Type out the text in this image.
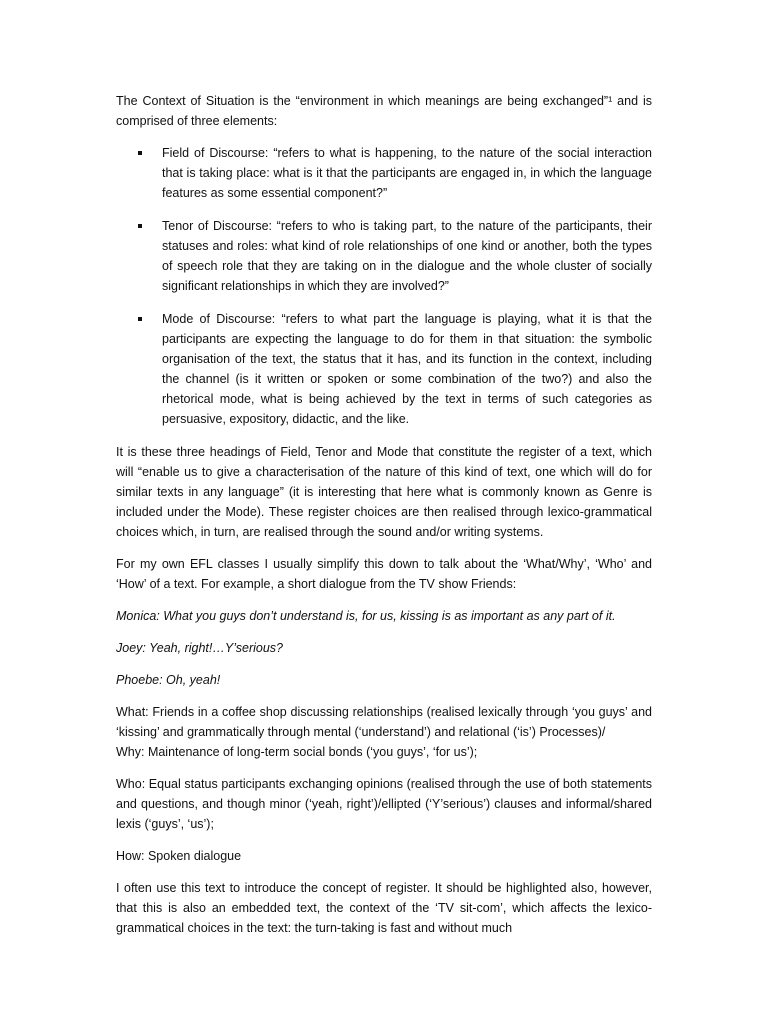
The Context of Situation is the “environment in which meanings are being exchanged”¹ and is comprised of three elements:

Field of Discourse: “refers to what is happening, to the nature of the social interaction that is taking place: what is it that the participants are engaged in, in which the language features as some essential component?”
Tenor of Discourse: “refers to who is taking part, to the nature of the participants, their statuses and roles: what kind of role relationships of one kind or another, both the types of speech role that they are taking on in the dialogue and the whole cluster of socially significant relationships in which they are involved?”
Mode of Discourse: “refers to what part the language is playing, what it is that the participants are expecting the language to do for them in that situation: the symbolic organisation of the text, the status that it has, and its function in the context, including the channel (is it written or spoken or some combination of the two?) and also the rhetorical mode, what is being achieved by the text in terms of such categories as persuasive, expository, didactic, and the like.

It is these three headings of Field, Tenor and Mode that constitute the register of a text, which will “enable us to give a characterisation of the nature of this kind of text, one which will do for similar texts in any language” (it is interesting that here what is commonly known as Genre is included under the Mode). These register choices are then realised through lexico-grammatical choices which, in turn, are realised through the sound and/or writing systems.

For my own EFL classes I usually simplify this down to talk about the ‘What/Why’, ‘Who’ and ‘How’ of a text. For example, a short dialogue from the TV show Friends:

Monica: What you guys don’t understand is, for us, kissing is as important as any part of it.

Joey: Yeah, right!…Y’serious?

Phoebe: Oh, yeah!

What: Friends in a coffee shop discussing relationships (realised lexically through ‘you guys’ and ‘kissing’ and grammatically through mental (‘understand’) and relational (‘is’) Processes)/

Why: Maintenance of long-term social bonds (‘you guys’, ‘for us’);

Who: Equal status participants exchanging opinions (realised through the use of both statements and questions, and though minor (‘yeah, right’)/ellipted (‘Y’serious’) clauses and informal/shared lexis (‘guys’, ‘us’);

How: Spoken dialogue

I often use this text to introduce the concept of register. It should be highlighted also, however, that this is also an embedded text, the context of the ‘TV sit-com’, which affects the lexico-grammatical choices in the text: the turn-taking is fast and without much
